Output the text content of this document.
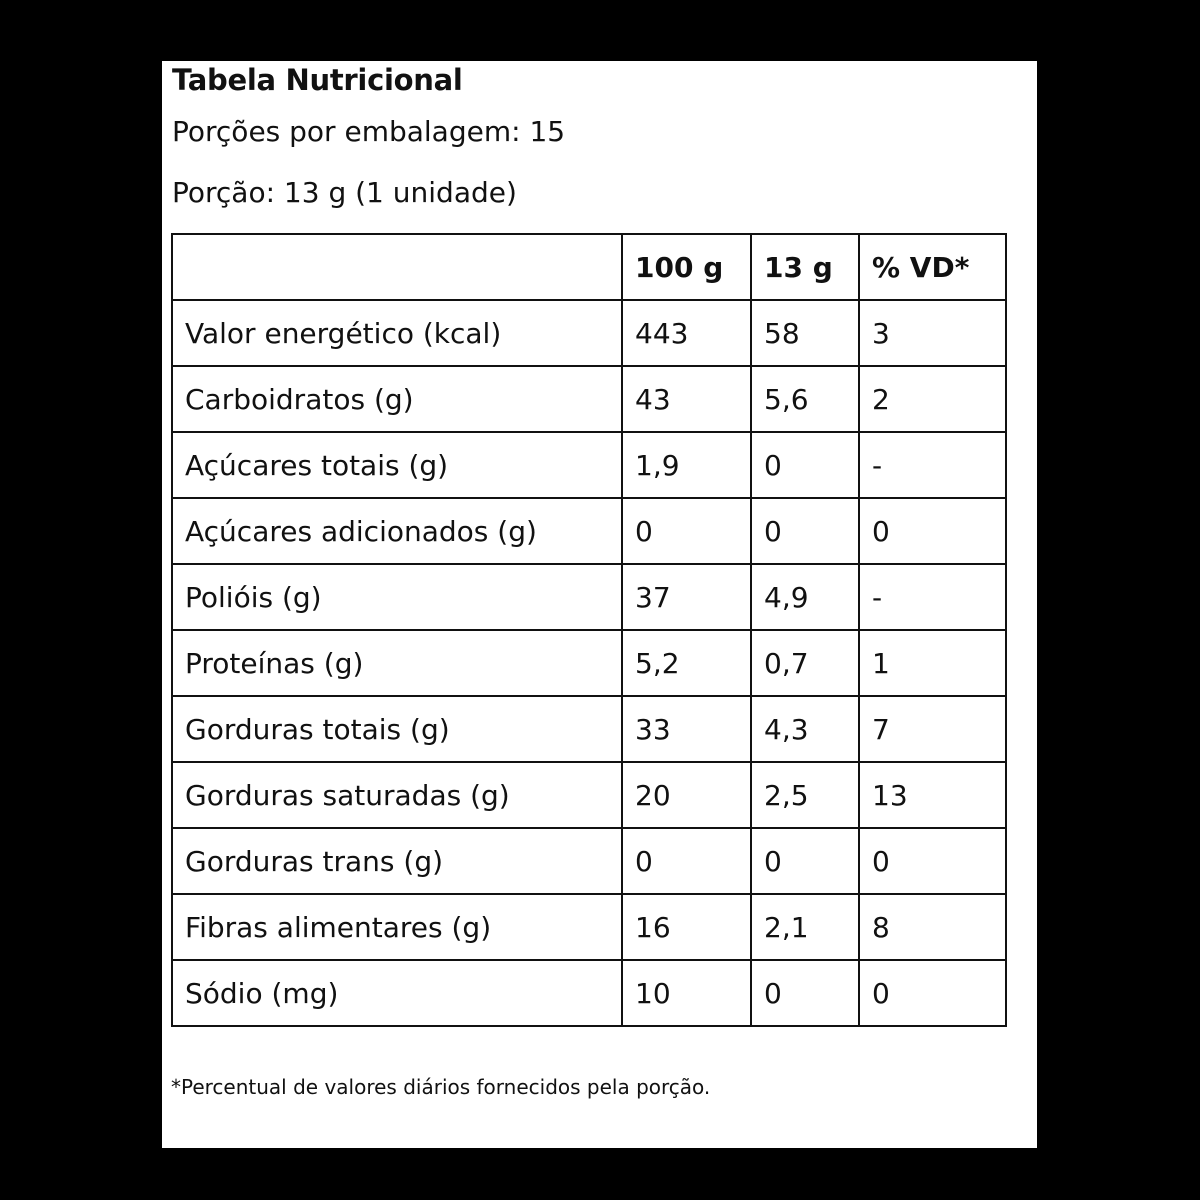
Tabela Nutricional
Porções por embalagem: 15
Porção: 13 g (1 unidade)
	100 g	13 g	% VD*
Valor energético (kcal)	443	58	3
Carboidratos (g)	43	5,6	2
Açúcares totais (g)	1,9	0	-
Açúcares adicionados (g)	0	0	0
Polióis (g)	37	4,9	-
Proteínas (g)	5,2	0,7	1
Gorduras totais (g)	33	4,3	7
Gorduras saturadas (g)	20	2,5	13
Gorduras trans (g)	0	0	0
Fibras alimentares (g)	16	2,1	8
Sódio (mg)	10	0	0
*Percentual de valores diários fornecidos pela porção.
